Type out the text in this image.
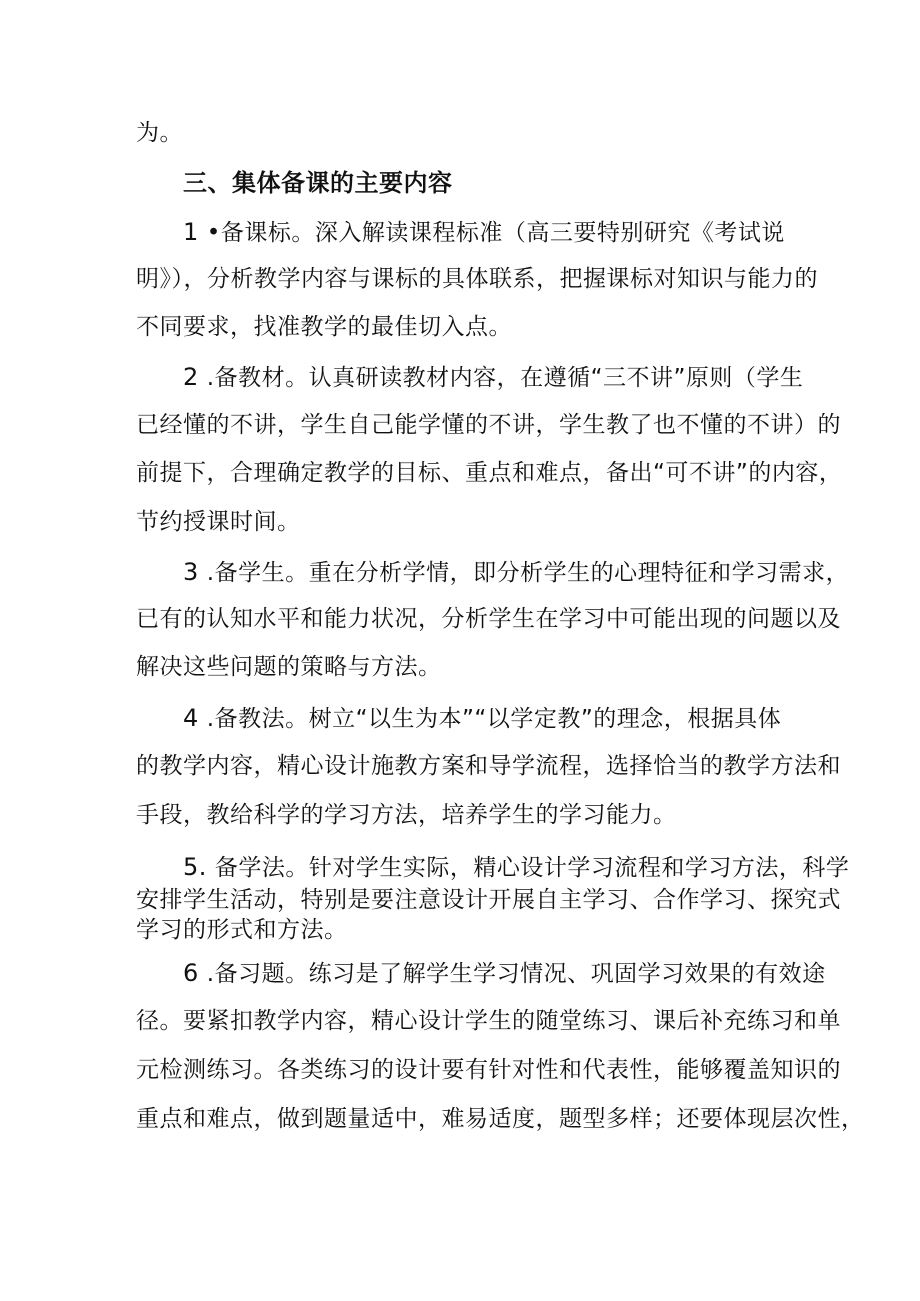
为。
三、集体备课的主要内容
1 •备课标。深入解读课程标准（高三要特别研究《考试说
明》），分析教学内容与课标的具体联系，把握课标对知识与能力的
不同要求，找准教学的最佳切入点。
2 .备教材。认真研读教材内容，在遵循“三不讲”原则（学生
已经懂的不讲，学生自己能学懂的不讲，学生教了也不懂的不讲）的
前提下，合理确定教学的目标、重点和难点，备出“可不讲”的内容，
节约授课时间。
3 .备学生。重在分析学情，即分析学生的心理特征和学习需求，
已有的认知水平和能力状况，分析学生在学习中可能出现的问题以及
解决这些问题的策略与方法。
4 .备教法。树立“以生为本”“以学定教”的理念，根据具体
的教学内容，精心设计施教方案和导学流程，选择恰当的教学方法和
手段，教给科学的学习方法，培养学生的学习能力。
5. 备学法。针对学生实际，精心设计学习流程和学习方法，科学
安排学生活动，特别是要注意设计开展自主学习、合作学习、探究式
学习的形式和方法。
6 .备习题。练习是了解学生学习情况、巩固学习效果的有效途
径。要紧扣教学内容，精心设计学生的随堂练习、课后补充练习和单
元检测练习。各类练习的设计要有针对性和代表性，能够覆盖知识的
重点和难点，做到题量适中，难易适度，题型多样；还要体现层次性，
